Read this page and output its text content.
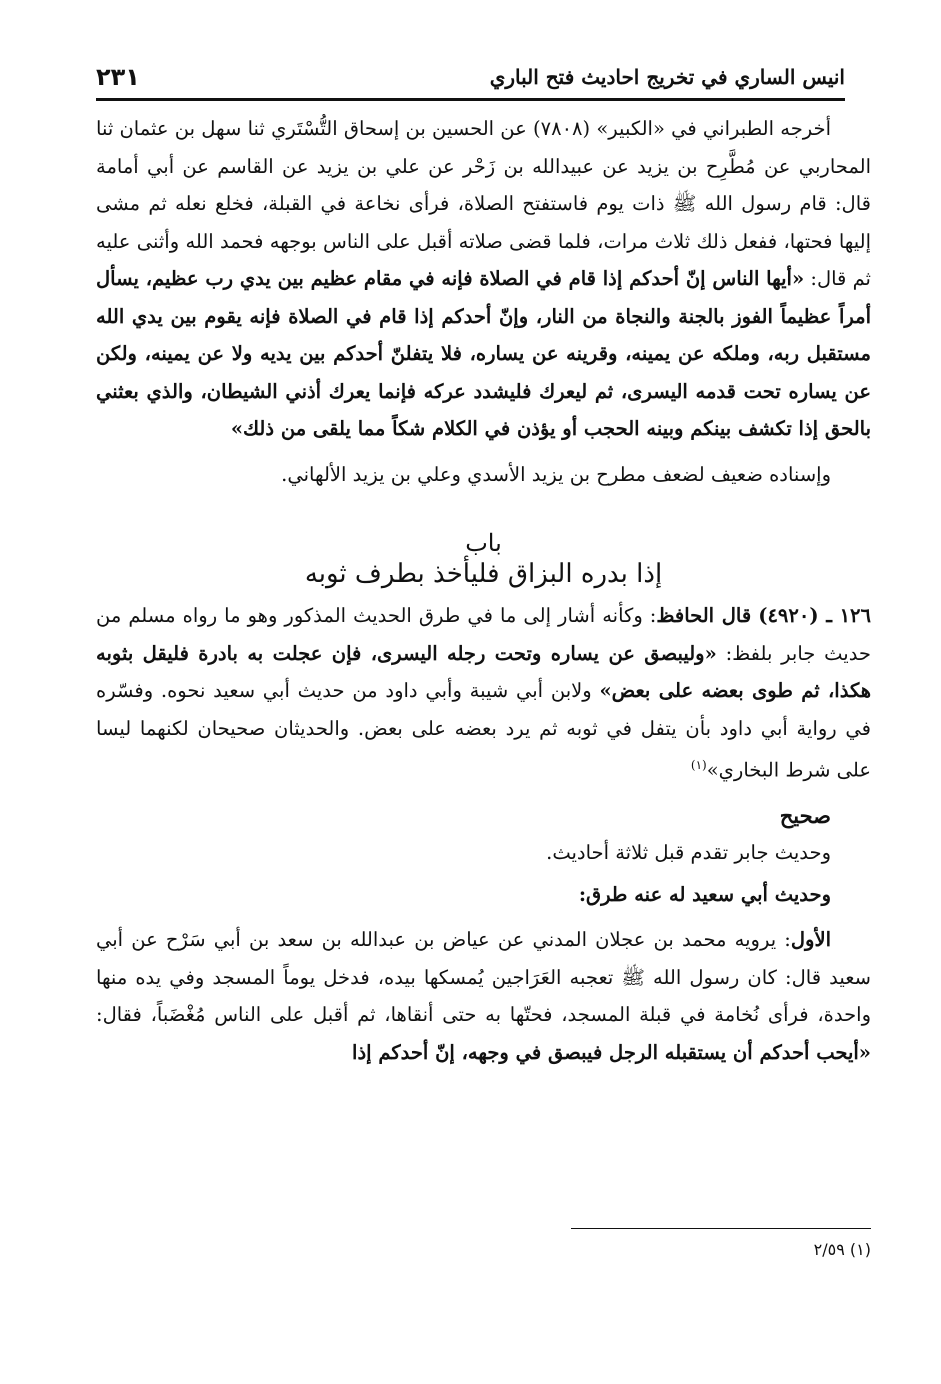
انيس الساري في تخريج احاديث فتح الباري
٢٣١

أخرجه الطبراني في «الكبير» (٧٨٠٨) عن الحسين بن إسحاق التُّسْتَري ثنا سهل بن عثمان ثنا المحاربي عن مُطَّرِح بن يزيد عن عبيدالله بن زَحْر عن علي بن يزيد عن القاسم عن أبي أمامة قال: قام رسول الله ﷺ ذات يوم فاستفتح الصلاة، فرأى نخاعة في القبلة، فخلع نعله ثم مشى إليها فحتها، ففعل ذلك ثلاث مرات، فلما قضى صلاته أقبل على الناس بوجهه فحمد الله وأثنى عليه ثم قال: «أيها الناس إنّ أحدكم إذا قام في الصلاة فإنه في مقام عظيم بين يدي رب عظيم، يسأل أمراً عظيماً الفوز بالجنة والنجاة من النار، وإنّ أحدكم إذا قام في الصلاة فإنه يقوم بين يدي الله مستقبل ربه، وملكه عن يمينه، وقرينه عن يساره، فلا يتفلنّ أحدكم بين يديه ولا عن يمينه، ولكن عن يساره تحت قدمه اليسرى، ثم ليعرك فليشدد عركه فإنما يعرك أذني الشيطان، والذي بعثني بالحق إذا تكشف بينكم وبينه الحجب أو يؤذن في الكلام شكاً مما يلقى من ذلك»

وإسناده ضعيف لضعف مطرح بن يزيد الأسدي وعلي بن يزيد الألهاني.

باب
إذا بدره البزاق فليأخذ بطرف ثوبه

١٢٦ ـ (٤٩٢٠) قال الحافظ: وكأنه أشار إلى ما في طرق الحديث المذكور وهو ما رواه مسلم من حديث جابر بلفظ: «وليبصق عن يساره وتحت رجله اليسرى، فإن عجلت به بادرة فليقل بثوبه هكذا، ثم طوى بعضه على بعض» ولابن أبي شيبة وأبي داود من حديث أبي سعيد نحوه. وفسّره في رواية أبي داود بأن يتفل في ثوبه ثم يرد بعضه على بعض. والحديثان صحيحان لكنهما ليسا على شرط البخاري»$^{(١)}$

صحيح

وحديث جابر تقدم قبل ثلاثة أحاديث.

وحديث أبي سعيد له عنه طرق:

الأول: يرويه محمد بن عجلان المدني عن عياض بن عبدالله بن سعد بن أبي سَرْح عن أبي سعيد قال: كان رسول الله ﷺ تعجبه العَرَاجين يُمسكها بيده، فدخل يوماً المسجد وفي يده منها واحدة، فرأى نُخامة في قبلة المسجد، فحتّها به حتى أنقاها، ثم أقبل على الناس مُغْضَباً، فقال: «أيحب أحدكم أن يستقبله الرجل فيبصق في وجهه، إنّ أحدكم إذا

(١) ٢/٥٩
